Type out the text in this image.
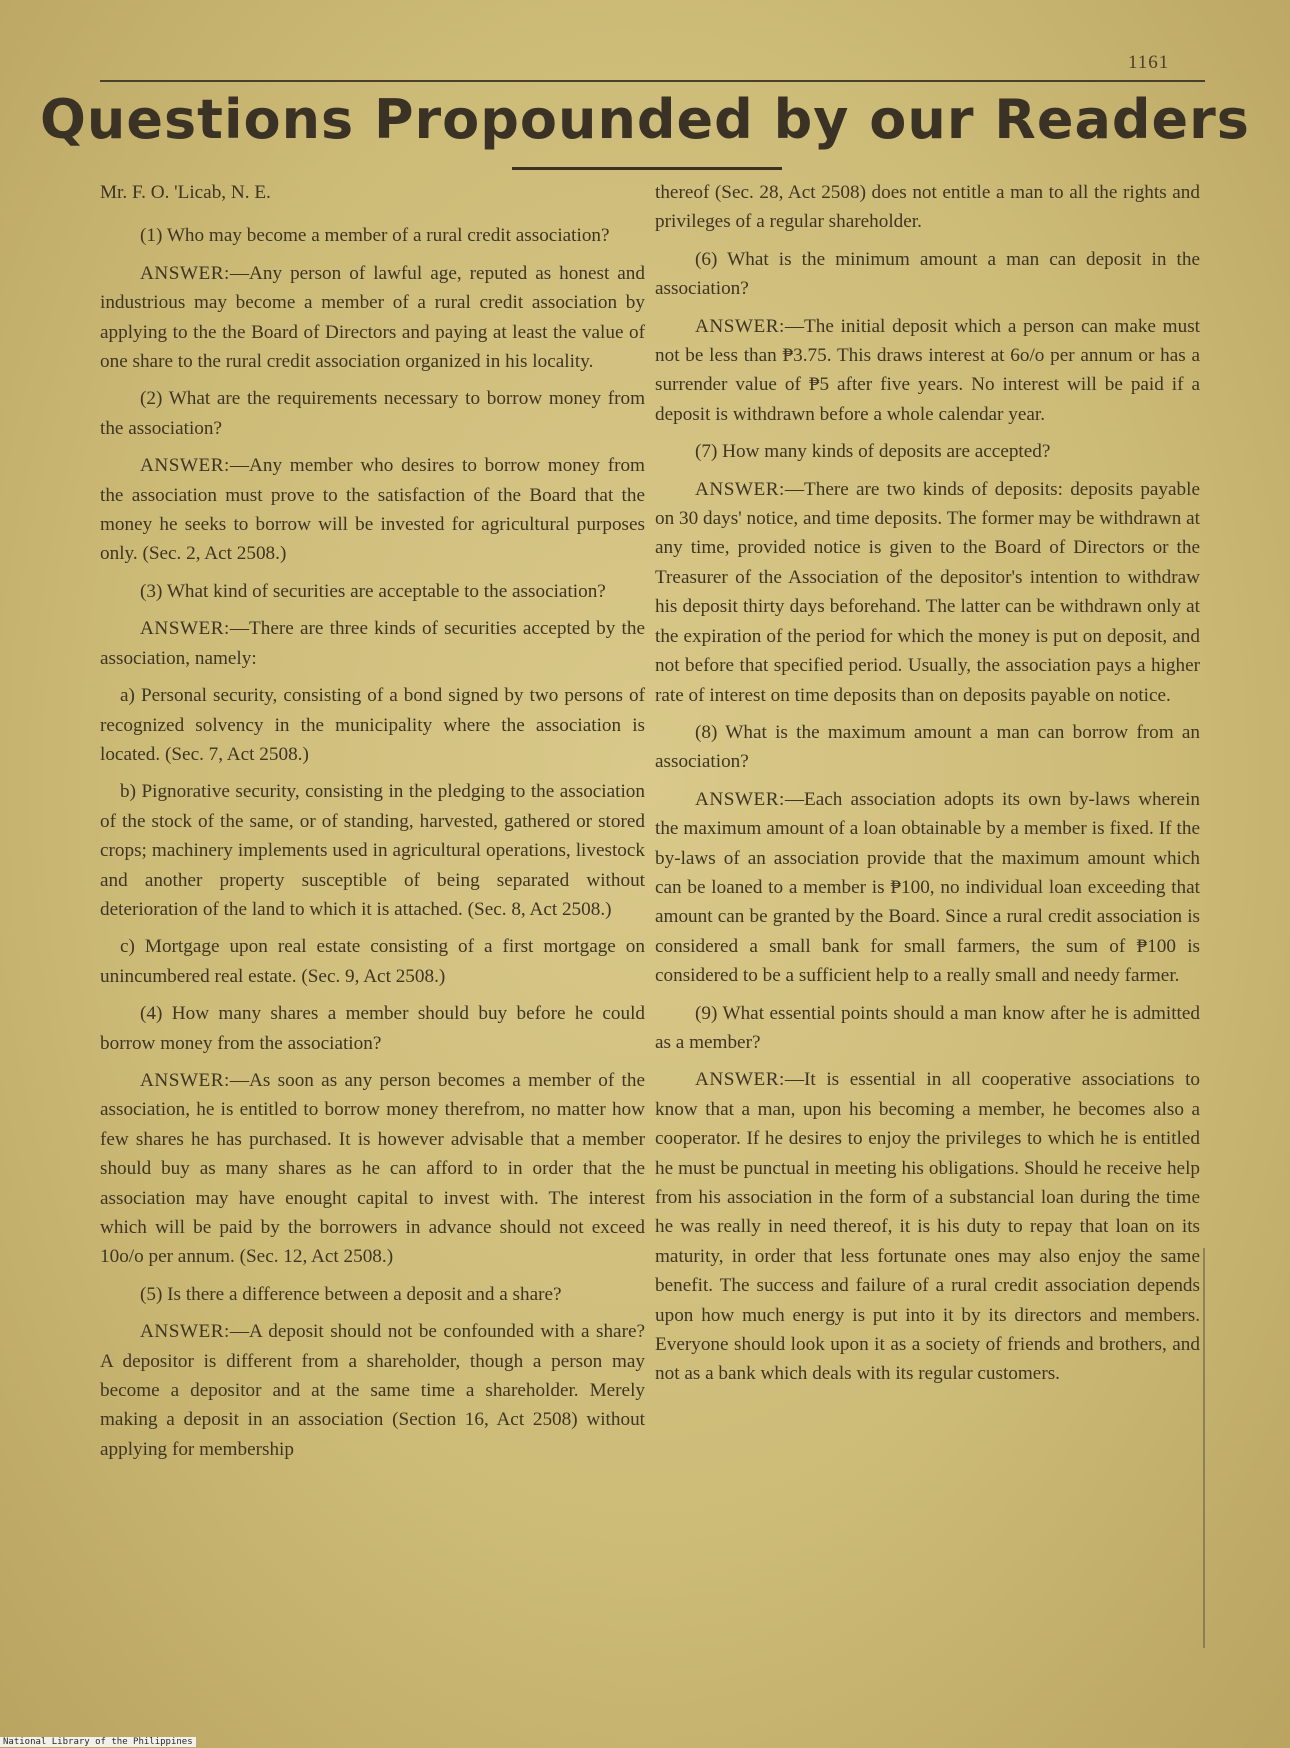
1161
Questions Propounded by our Readers

Mr. F. O. 'Licab, N. E.

(1) Who may become a member of a rural credit association?

ANSWER:—Any person of lawful age, reputed as honest and industrious may become a member of a rural credit association by applying to the the Board of Directors and paying at least the value of one share to the rural credit association organized in his locality.

(2) What are the requirements necessary to borrow money from the association?

ANSWER:—Any member who desires to borrow money from the association must prove to the satisfaction of the Board that the money he seeks to borrow will be invested for agricultural purposes only. (Sec. 2, Act 2508.)

(3) What kind of securities are acceptable to the association?

ANSWER:—There are three kinds of securities accepted by the association, namely:

a) Personal security, consisting of a bond signed by two persons of recognized solvency in the municipality where the association is located. (Sec. 7, Act 2508.)

b) Pignorative security, consisting in the pledging to the association of the stock of the same, or of standing, harvested, gathered or stored crops; machinery implements used in agricultural operations, livestock and another property susceptible of being separated without deterioration of the land to which it is attached. (Sec. 8, Act 2508.)

c) Mortgage upon real estate consisting of a first mortgage on unincumbered real estate. (Sec. 9, Act 2508.)

(4) How many shares a member should buy before he could borrow money from the association?

ANSWER:—As soon as any person becomes a member of the association, he is entitled to borrow money therefrom, no matter how few shares he has purchased. It is however advisable that a member should buy as many shares as he can afford to in order that the association may have enought capital to invest with. The interest which will be paid by the borrowers in advance should not exceed 10o/o per annum. (Sec. 12, Act 2508.)

(5) Is there a difference between a deposit and a share?

ANSWER:—A deposit should not be confounded with a share? A depositor is different from a shareholder, though a person may become a depositor and at the same time a shareholder. Merely making a deposit in an association (Section 16, Act 2508) without applying for membership

thereof (Sec. 28, Act 2508) does not entitle a man to all the rights and privileges of a regular shareholder.

(6) What is the minimum amount a man can deposit in the association?

ANSWER:—The initial deposit which a person can make must not be less than ₱3.75. This draws interest at 6o/o per annum or has a surrender value of ₱5 after five years. No interest will be paid if a deposit is withdrawn before a whole calendar year.

(7) How many kinds of deposits are accepted?

ANSWER:—There are two kinds of deposits: deposits payable on 30 days' notice, and time deposits. The former may be withdrawn at any time, provided notice is given to the Board of Directors or the Treasurer of the Association of the depositor's intention to withdraw his deposit thirty days beforehand. The latter can be withdrawn only at the expiration of the period for which the money is put on deposit, and not before that specified period. Usually, the association pays a higher rate of interest on time deposits than on deposits payable on notice.

(8) What is the maximum amount a man can borrow from an association?

ANSWER:—Each association adopts its own by-laws wherein the maximum amount of a loan obtainable by a member is fixed. If the by-laws of an association provide that the maximum amount which can be loaned to a member is ₱100, no individual loan exceeding that amount can be granted by the Board. Since a rural credit association is considered a small bank for small farmers, the sum of ₱100 is considered to be a sufficient help to a really small and needy farmer.

(9) What essential points should a man know after he is admitted as a member?

ANSWER:—It is essential in all cooperative associations to know that a man, upon his becoming a member, he becomes also a cooperator. If he desires to enjoy the privileges to which he is entitled he must be punctual in meeting his obligations. Should he receive help from his association in the form of a substancial loan during the time he was really in need thereof, it is his duty to repay that loan on its maturity, in order that less fortunate ones may also enjoy the same benefit. The success and failure of a rural credit association depends upon how much energy is put into it by its directors and members. Everyone should look upon it as a society of friends and brothers, and not as a bank which deals with its regular customers.

National Library of the Philippines
